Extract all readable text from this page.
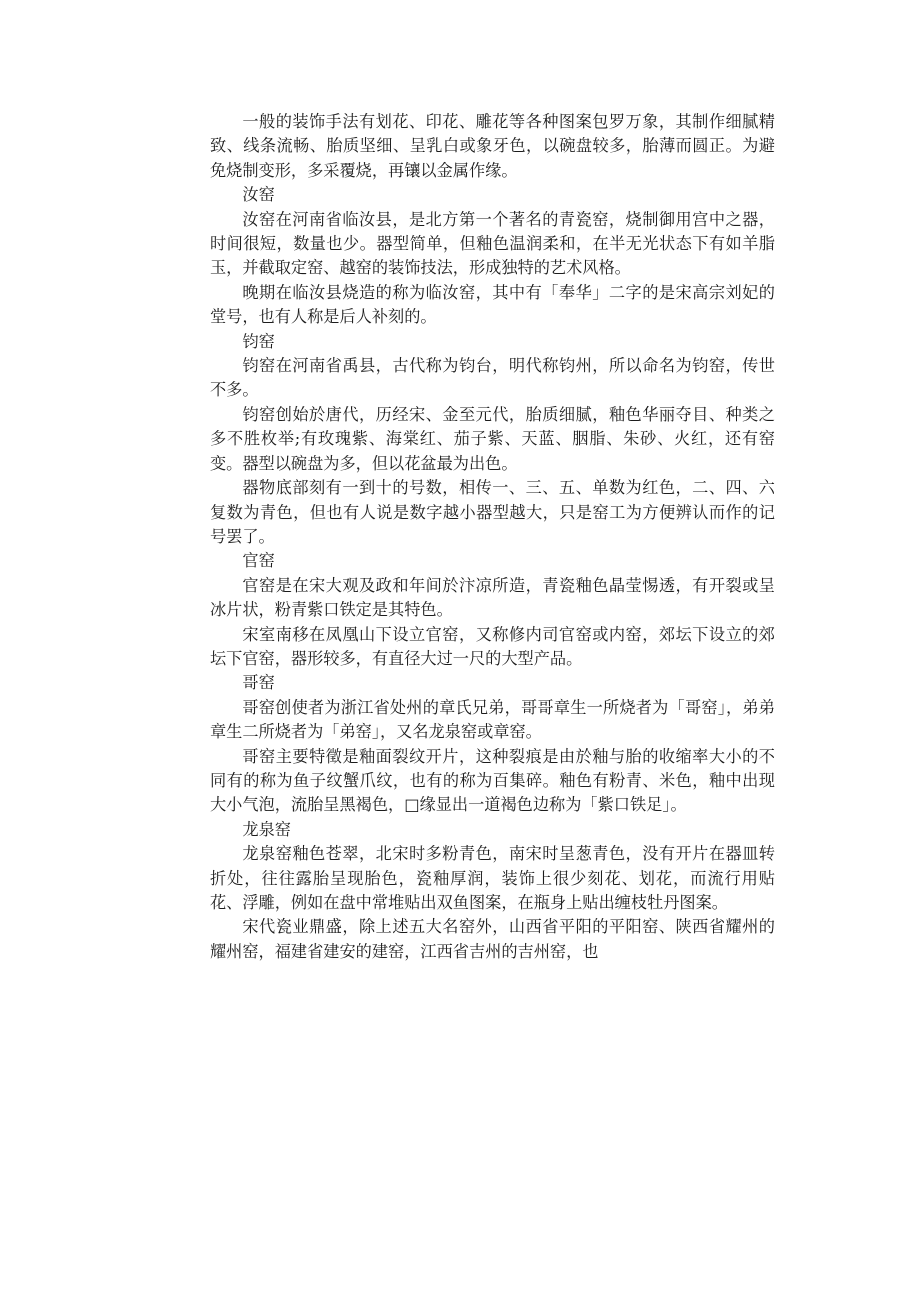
一般的装饰手法有划花、印花、雕花等各种图案包罗万象，其制作细腻精致、线条流畅、胎质坚细、呈乳白或象牙色，以碗盘较多，胎薄而圆正。为避免烧制变形，多采覆烧，再镶以金属作缘。

汝窑

汝窑在河南省临汝县，是北方第一个著名的青瓷窑，烧制御用宫中之器，时间很短，数量也少。器型简单，但釉色温润柔和，在半无光状态下有如羊脂玉，并截取定窑、越窑的装饰技法，形成独特的艺术风格。

晚期在临汝县烧造的称为临汝窑，其中有「奉华」二字的是宋高宗刘妃的堂号，也有人称是后人补刻的。

钧窑

钧窑在河南省禹县，古代称为钧台，明代称钧州，所以命名为钧窑，传世不多。

钧窑创始於唐代，历经宋、金至元代，胎质细腻，釉色华丽夺目、种类之多不胜枚举;有玫瑰紫、海棠红、茄子紫、天蓝、胭脂、朱砂、火红，还有窑变。器型以碗盘为多，但以花盆最为出色。

器物底部刻有一到十的号数，相传一、三、五、单数为红色，二、四、六复数为青色，但也有人说是数字越小器型越大，只是窑工为方便辨认而作的记号罢了。

官窑

官窑是在宋大观及政和年间於汴凉所造，青瓷釉色晶莹惕透，有开裂或呈冰片状，粉青紫口铁定是其特色。

宋室南移在凤凰山下设立官窑，又称修内司官窑或内窑，郊坛下设立的郊坛下官窑，器形较多，有直径大过一尺的大型产品。

哥窑

哥窑创使者为浙江省处州的章氏兄弟，哥哥章生一所烧者为「哥窑」，弟弟章生二所烧者为「弟窑」，又名龙泉窑或章窑。

哥窑主要特徵是釉面裂纹开片，这种裂痕是由於釉与胎的收缩率大小的不同有的称为鱼子纹蟹爪纹，也有的称为百集碎。釉色有粉青、米色，釉中出现大小气泡，流胎呈黑褐色，□缘显出一道褐色边称为「紫口铁足」。

龙泉窑

龙泉窑釉色苍翠，北宋时多粉青色，南宋时呈葱青色，没有开片在器皿转折处，往往露胎呈现胎色，瓷釉厚润，装饰上很少刻花、划花，而流行用贴花、浮雕，例如在盘中常堆贴出双鱼图案，在瓶身上贴出缠枝牡丹图案。

宋代瓷业鼎盛，除上述五大名窑外，山西省平阳的平阳窑、陕西省耀州的耀州窑，福建省建安的建窑，江西省吉州的吉州窑，也
